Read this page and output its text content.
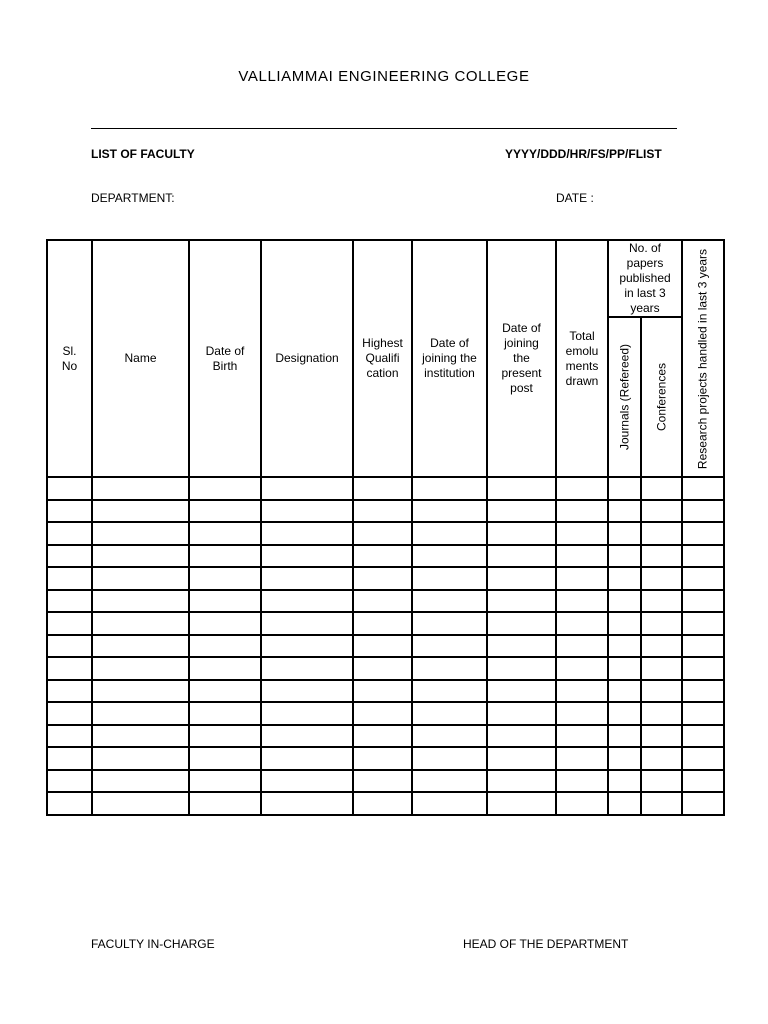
VALLIAMMAI ENGINEERING COLLEGE
LIST OF FACULTY	YYYY/DDD/HR/FS/PP/FLIST
DEPARTMENT:	DATE :
Sl. No	Name	Date of Birth	Designation	Highest Qualifi cation	Date of joining the institution	Date of joining the present post	Total emolu ments drawn	No. of papers published in last 3 years		Research projects handled in last 3 years

								Journals (Refereed)	Conferences	

FACULTY IN-CHARGE	HEAD OF THE DEPARTMENT
